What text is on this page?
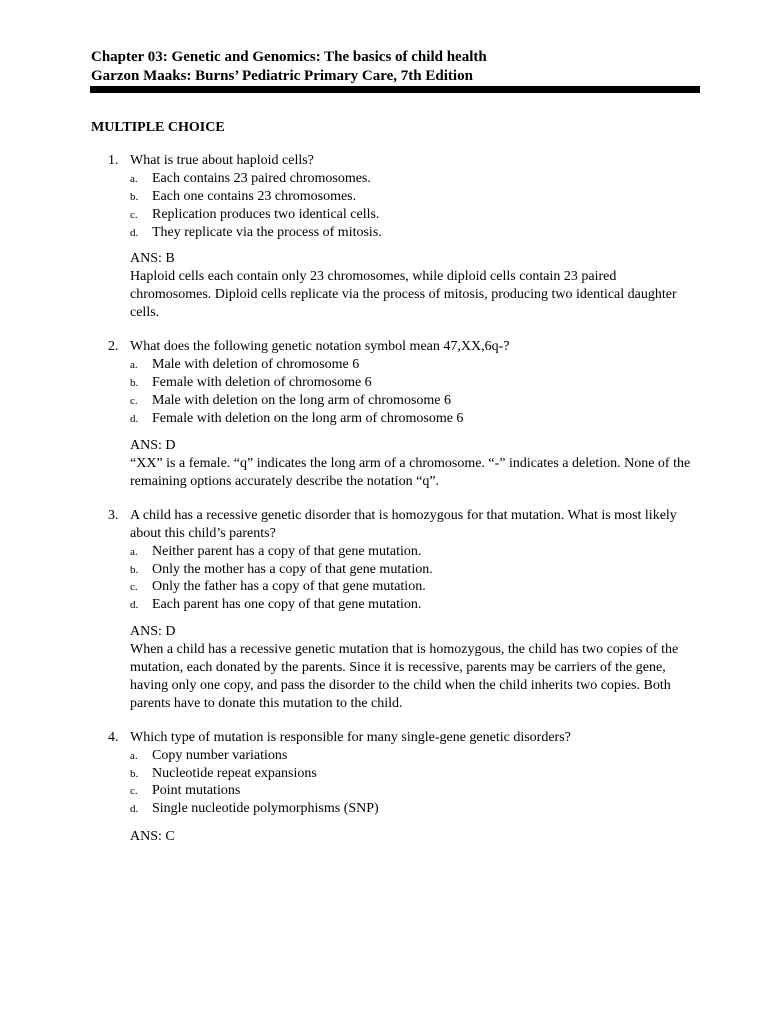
Chapter 03: Genetic and Genomics: The basics of child health
Garzon Maaks: Burns’ Pediatric Primary Care, 7th Edition
MULTIPLE CHOICE
1. What is true about haploid cells?
a. Each contains 23 paired chromosomes.
b. Each one contains 23 chromosomes.
c. Replication produces two identical cells.
d. They replicate via the process of mitosis.
ANS: B
Haploid cells each contain only 23 chromosomes, while diploid cells contain 23 paired chromosomes. Diploid cells replicate via the process of mitosis, producing two identical daughter cells.
2. What does the following genetic notation symbol mean 47,XX,6q-?
a. Male with deletion of chromosome 6
b. Female with deletion of chromosome 6
c. Male with deletion on the long arm of chromosome 6
d. Female with deletion on the long arm of chromosome 6
ANS: D
“XX” is a female. “q” indicates the long arm of a chromosome. “-” indicates a deletion. None of the remaining options accurately describe the notation “q”.
3. A child has a recessive genetic disorder that is homozygous for that mutation. What is most likely about this child’s parents?
a. Neither parent has a copy of that gene mutation.
b. Only the mother has a copy of that gene mutation.
c. Only the father has a copy of that gene mutation.
d. Each parent has one copy of that gene mutation.
ANS: D
When a child has a recessive genetic mutation that is homozygous, the child has two copies of the mutation, each donated by the parents. Since it is recessive, parents may be carriers of the gene, having only one copy, and pass the disorder to the child when the child inherits two copies. Both parents have to donate this mutation to the child.
4. Which type of mutation is responsible for many single-gene genetic disorders?
a. Copy number variations
b. Nucleotide repeat expansions
c. Point mutations
d. Single nucleotide polymorphisms (SNP)
ANS: C
